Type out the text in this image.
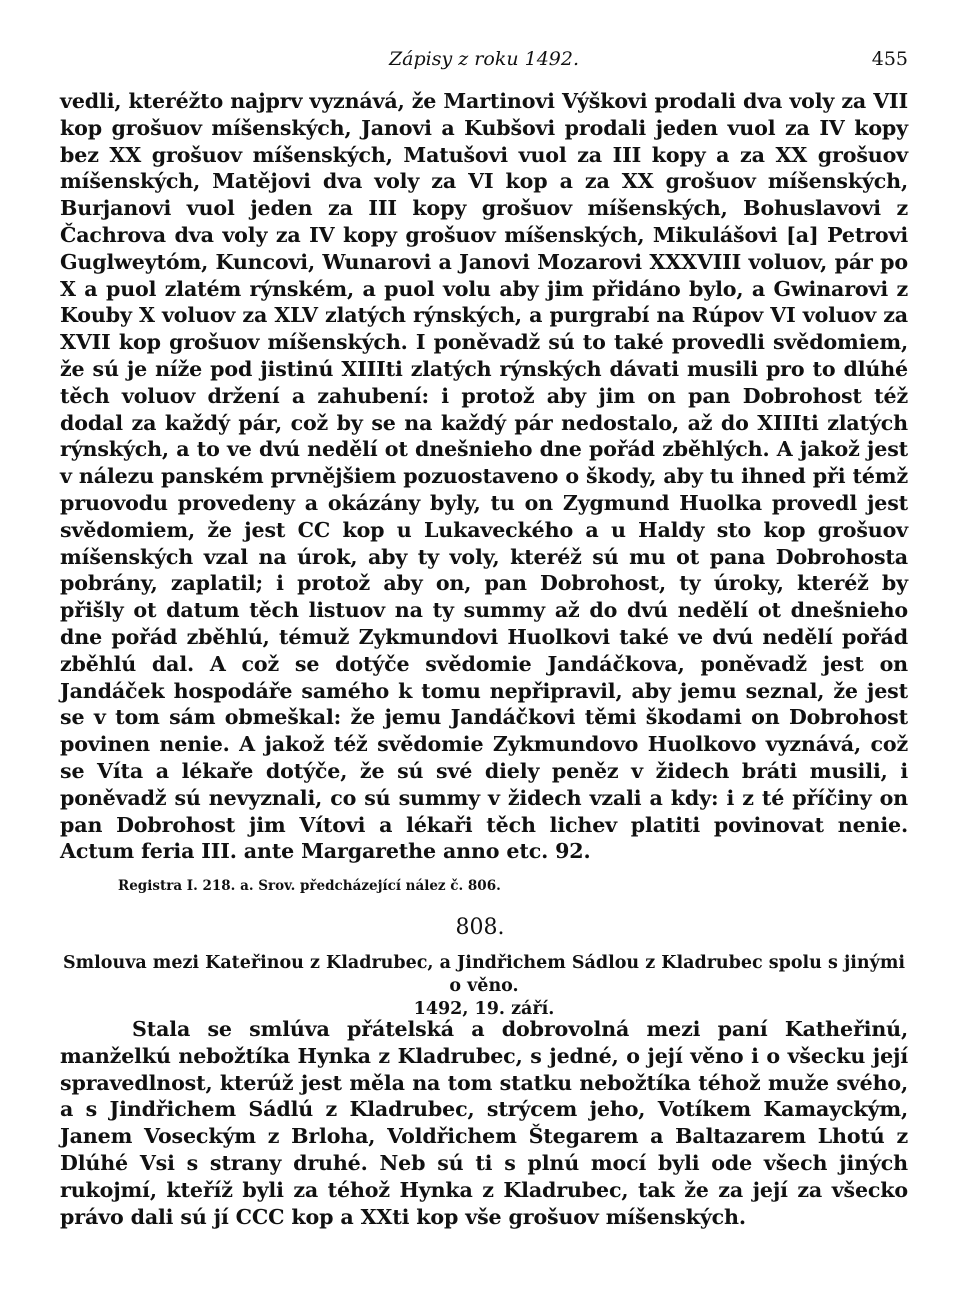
Zápisy z roku 1492.	455

vedli, kteréžto najprv vyznává, že Martinovi Výškovi prodali dva voly za VII kop grošuov míšenských, Janovi a Kubšovi prodali jeden vuol za IV kopy bez XX grošuov míšenských, Matušovi vuol za III kopy a za XX grošuov míšenských, Matějovi dva voly za VI kop a za XX grošuov míšenských, Burjanovi vuol jeden za III kopy grošuov míšenských, Bohuslavovi z Čachrova dva voly za IV kopy grošuov míšenských, Mikulášovi [a] Petrovi Guglweytóm, Kuncovi, Wunarovi a Janovi Mozarovi XXXVIII voluov, pár po X a puol zlatém rýnském, a puol volu aby jim přidáno bylo, a Gwinarovi z Kouby X voluov za XLV zlatých rýnských, a purgrabí na Rúpov VI voluov za XVII kop grošuov míšenských. I poněvadž sú to také provedli svědomiem, že sú je níže pod jistinú XIIIti zlatých rýnských dávati musili pro to dlúhé těch voluov držení a zahubení: i protož aby jim on pan Dobrohost též dodal za každý pár, což by se na každý pár nedostalo, až do XIIIti zlatých rýnských, a to ve dvú nedělí ot dnešnieho dne pořád zběhlých. A jakož jest v nálezu panském prvnějšiem pozuostaveno o škody, aby tu ihned při témž pruovodu provedeny a okázány byly, tu on Zygmund Huolka provedl jest svědomiem, že jest CC kop u Lukaveckého a u Haldy sto kop grošuov míšenských vzal na úrok, aby ty voly, kteréž sú mu ot pana Dobrohosta pobrány, zaplatil; i protož aby on, pan Dobrohost, ty úroky, kteréž by přišly ot datum těch listuov na ty summy až do dvú nedělí ot dnešnieho dne pořád zběhlú, témuž Zykmundovi Huolkovi také ve dvú nedělí pořád zběhlú dal. A což se dotýče svědomie Jandáčkova, poněvadž jest on Jandáček hospodáře samého k tomu nepřipravil, aby jemu seznal, že jest se v tom sám obmeškal: že jemu Jandáčkovi těmi škodami on Dobrohost povinen nenie. A jakož též svědomie Zykmundovo Huolkovo vyznává, což se Víta a lékaře dotýče, že sú své diely peněz v židech bráti musili, i poněvadž sú nevyznali, co sú summy v židech vzali a kdy: i z té příčiny on pan Dobrohost jim Vítovi a lékaři těch lichev platiti povinovat nenie. Actum feria III. ante Margarethe anno etc. 92.

Registra I. 218. a. Srov. předcházející nález č. 806.
808.

Smlouva mezi Kateřinou z Kladrubec, a Jindřichem Sádlou z Kladrubec spolu s jinými o věno.
1492, 19. září.

Stala se smlúva přátelská a dobrovolná mezi paní Katheřinú, manželkú nebožtíka Hynka z Kladrubec, s jedné, o její věno i o všecku její spravedlnost, kterúž jest měla na tom statku nebožtíka téhož muže svého, a s Jindřichem Sádlú z Kladrubec, strýcem jeho, Votíkem Kamayckým, Janem Voseckým z Brloha, Voldřichem Štegarem a Baltazarem Lhotú z Dlúhé Vsi s strany druhé. Neb sú ti s plnú mocí byli ode všech jiných rukojmí, kteříž byli za téhož Hynka z Kladrubec, tak že za její za všecko právo dali sú jí CCC kop a XXti kop vše grošuov míšenských.
